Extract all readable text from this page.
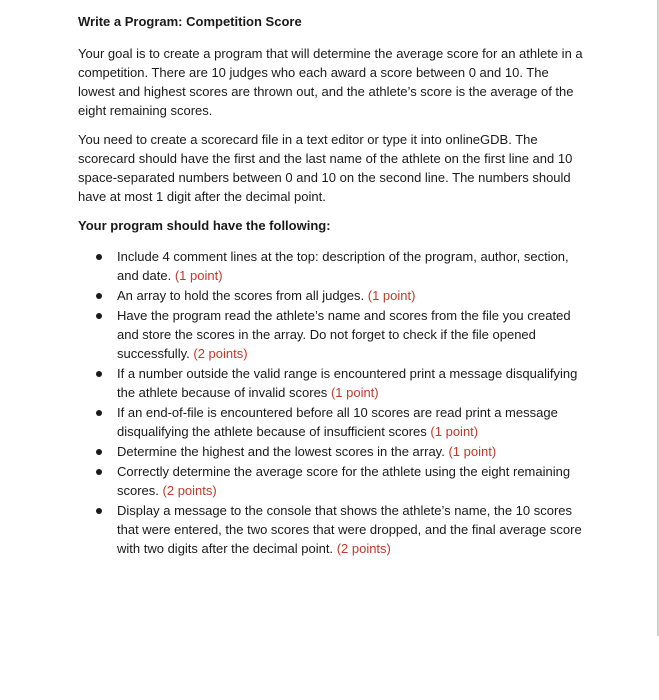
Write a Program: Competition Score

Your goal is to create a program that will determine the average score for an athlete in a competition. There are 10 judges who each award a score between 0 and 10. The lowest and highest scores are thrown out, and the athlete’s score is the average of the eight remaining scores.

You need to create a scorecard file in a text editor or type it into onlineGDB. The scorecard should have the first and the last name of the athlete on the first line and 10 space-separated numbers between 0 and 10 on the second line. The numbers should have at most 1 digit after the decimal point.

Your program should have the following:
Include 4 comment lines at the top: description of the program, author, section, and date. (1 point)
An array to hold the scores from all judges. (1 point)
Have the program read the athlete’s name and scores from the file you created and store the scores in the array. Do not forget to check if the file opened successfully. (2 points)
If a number outside the valid range is encountered print a message disqualifying the athlete because of invalid scores (1 point)
If an end-of-file is encountered before all 10 scores are read print a message disqualifying the athlete because of insufficient scores (1 point)
Determine the highest and the lowest scores in the array. (1 point)
Correctly determine the average score for the athlete using the eight remaining scores. (2 points)
Display a message to the console that shows the athlete’s name, the 10 scores that were entered, the two scores that were dropped, and the final average score with two digits after the decimal point. (2 points)
